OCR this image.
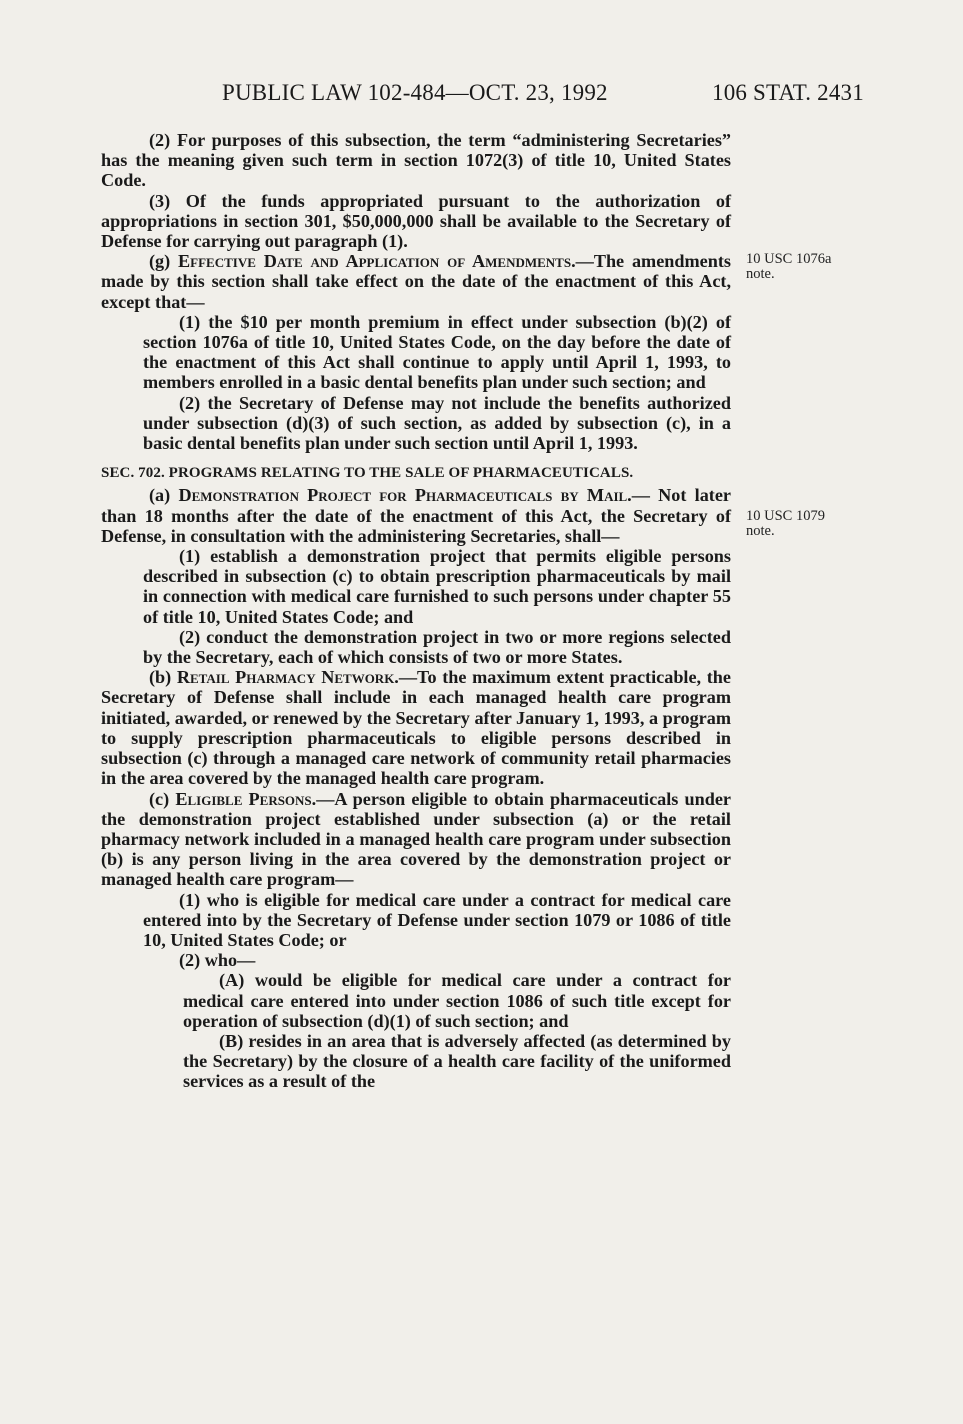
PUBLIC LAW 102-484—OCT. 23, 1992	106 STAT. 2431
10 USC 1076a
note.
10 USC 1079
note.

(2) For purposes of this subsection, the term “administering Secretaries” has the meaning given such term in section 1072(3) of title 10, United States Code.

(3) Of the funds appropriated pursuant to the authorization of appropriations in section 301, $50,000,000 shall be available to the Secretary of Defense for carrying out paragraph (1).

(g) Effective Date and Application of Amendments.—The amendments made by this section shall take effect on the date of the enactment of this Act, except that—

(1) the $10 per month premium in effect under subsection (b)(2) of section 1076a of title 10, United States Code, on the day before the date of the enactment of this Act shall continue to apply until April 1, 1993, to members enrolled in a basic dental benefits plan under such section; and

(2) the Secretary of Defense may not include the benefits authorized under subsection (d)(3) of such section, as added by subsection (c), in a basic dental benefits plan under such section until April 1, 1993.

SEC. 702. PROGRAMS RELATING TO THE SALE OF PHARMACEUTICALS.

(a) Demonstration Project for Pharmaceuticals by Mail.— Not later than 18 months after the date of the enactment of this Act, the Secretary of Defense, in consultation with the administering Secretaries, shall—

(1) establish a demonstration project that permits eligible persons described in subsection (c) to obtain prescription pharmaceuticals by mail in connection with medical care furnished to such persons under chapter 55 of title 10, United States Code; and

(2) conduct the demonstration project in two or more regions selected by the Secretary, each of which consists of two or more States.

(b) Retail Pharmacy Network.—To the maximum extent practicable, the Secretary of Defense shall include in each managed health care program initiated, awarded, or renewed by the Secretary after January 1, 1993, a program to supply prescription pharmaceuticals to eligible persons described in subsection (c) through a managed care network of community retail pharmacies in the area covered by the managed health care program.

(c) Eligible Persons.—A person eligible to obtain pharmaceuticals under the demonstration project established under subsection (a) or the retail pharmacy network included in a managed health care program under subsection (b) is any person living in the area covered by the demonstration project or managed health care program—

(1) who is eligible for medical care under a contract for medical care entered into by the Secretary of Defense under section 1079 or 1086 of title 10, United States Code; or

(2) who—

(A) would be eligible for medical care under a contract for medical care entered into under section 1086 of such title except for operation of subsection (d)(1) of such section; and

(B) resides in an area that is adversely affected (as determined by the Secretary) by the closure of a health care facility of the uniformed services as a result of the
